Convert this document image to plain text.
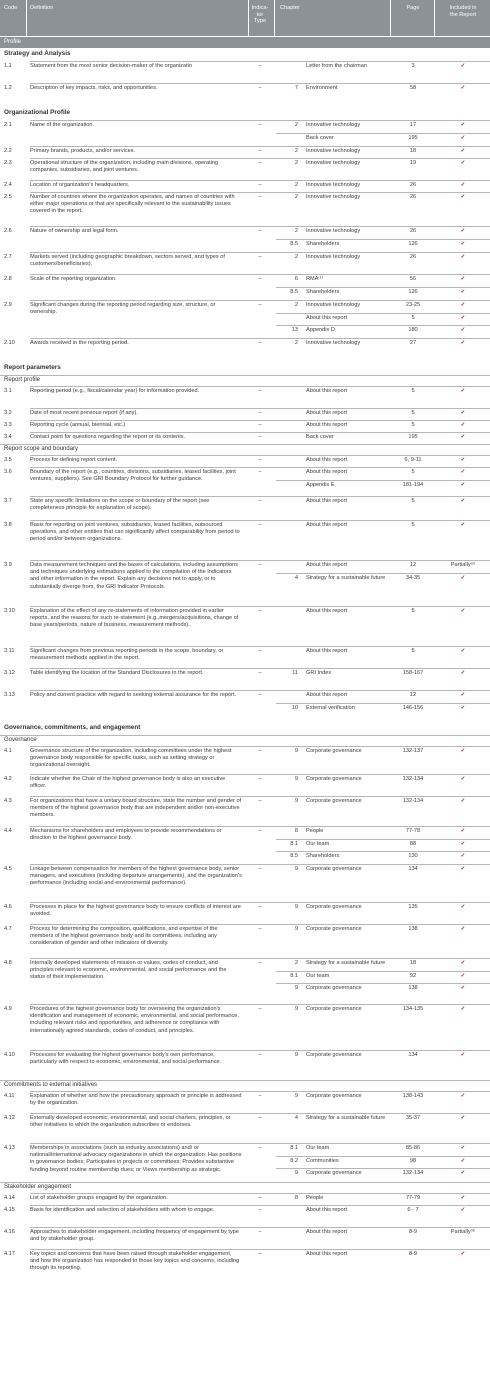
Code Definition	Indica-
tor
Type
Chapter	Page	Included in
the Report
Profile
Strategy and Analysis
1.1	Statement from the most senior decision-maker of the organizatio	–	Letter from the chairman	3	✓
1.2	Description of key impacts, risks, and opportunities.	–	7 Environment	58	✓
Organizational Profile
2.1	Name of the organization.	–	2 Innovative technology	17	✓
Back cover	195	✓
2.2	Primary brands, products, and/or services.	–	2 Innovative technology	18	✓
2.3	Operational structure of the organization, including main divisions, operating companies, subsidiaries, and joint ventures.
–	2 Innovative technology	19	✓
2.4	Location of organization's headquarters.	–	2 Innovative technology	26	✓
2.5	Number of countries where the organization operates, and names of countries with either major operations or that are specifically relevant to the sustainability issues covered in the report.
–	2 Innovative technology	26	✓
2.6	Nature of ownership and legal form.	–	2 Innovative technology	26	✓
8.5 Shareholders	126	✓
2.7	Markets served (including geographic breakdown, sectors served, and types of customers/beneficiaries).
–	2 Innovative technology	26	✓
2.8	Scale of the reporting organization.	–	6 RMA⁽¹⁾	56	✓
8.5 Shareholders	126	✓
2.9	Significant changes during the reporting period regarding size, structure, or ownership.
–	2 Innovative technology	23-25	✓
About this report	5	✓
13 Appendix D	180	✓
2.10	Awards received in the reporting period.	–	2 Innovative technology	27	✓
Report parameters
Report profile
3.1	Reporting period (e.g., fiscal/calendar year) for information provided.	–	About this report	5	✓
3.2	Date of most recent previous report (if any).	–	About this report	5	✓
3.3	Reporting cycle (annual, biennial, etc.)	–	About this report	5	✓
3.4	Contact point for questions regarding the report or its contents.	–	Back cover	195	✓
Report scope and boundary
3.5	Process for defining report content.	–	About this report	6, 9-11	✓
3.6	Boundary of the report (e.g., countries, divisions, subsidiaries, leased facilities, joint ventures, suppliers). See GRI Boundary Protocol for further guidance.
–	About this report	5	✓
Appendix E	181-194	✓
3.7	State any specific limitations on the scope or boundary of the report (see completeness principle for explanation of scope).
–	About this report	5	✓
3.8	Basis for reporting on joint ventures, subsidiaries, leased facilities, outsourced operations, and other entities that can significantly affect comparability from period to period and/or between organizations.
–	About this report	5	✓
3.9	Data measurement techniques and the bases of calculations, including assumptions and techniques underlying estimations applied to the compilation of the Indicators and other information in the report. Explain any decisions not to apply, or to substantially diverge from, the GRI Indicator Protocols.
–	About this report	12	Partially⁽²⁾
4 Strategy for a sustainable future	34-35	✓
3.10	Explanation of the effect of any re-statements of information provided in earlier reports, and the reasons for such re-statement (e.g.,mergers/acquisitions, change of base years/periods, nature of business, measurement methods).
–	About this report	5	✓
3.11	Significant changes from previous reporting periods in the scope, boundary, or measurement methods applied in the report.
–	About this report	5	✓
3.12	Table identifying the location of the Standard Disclosures in the report.	–	11 GRI Index	158-167	✓
3.13	Policy and current practice with regard to seeking external assurance for the report.	–	About this report	12	✓
10 External verification	146-156	✓
Governance, commitments, and engagement
Governance
4.1	Governance structure of the organization, including committees under the highest governance body responsible for specific tasks, such as setting strategy or organizational oversight.
–	9 Corporate governance	132-137	✓
4.2	Indicate whether the Chair of the highest governance body is also an executive officer.
–	9 Corporate governance	132-134	✓
4.3	For organizations that have a unitary board structure, state the number and gender of members of the highest governance body that are independent and/or non-executive members.
–	9 Corporate governance	132-134	✓
4.4	Mechanisms for shareholders and employees to provide recommendations or direction to the highest governance body.
–	8 People	77-78	✓
8.1 Our team	88	✓
8.5 Shareholders	130	✓
4.5	Linkage between compensation for members of the highest governance body, senior managers, and executives (including departure arrangements), and the organization's performance (including social and environmental performance).
–	9 Corporate governance	134	✓
4.6	Processes in place for the highest governance body to ensure conflicts of interest are avoided.
–	9 Corporate governance	135	✓
4.7	Process for determining the composition, qualifications, and expertise of the members of the highest governance body and its committees, including any consideration of gender and other indicators of diversity.
–	9 Corporate governance	138	✓
4.8	Internally developed statements of mission or values, codes of conduct, and principles relevant to economic, environmental, and social performance and the status of their implementation.
–	2 Strategy for a sustainable future	18	✓
8.1 Our team	92	✓
9 Corporate governance	138	✓
4.9	Procedures of the highest governance body for overseeing the organization's identification and management of economic, environmental, and social performance, including relevant risks and opportunities, and adherence or compliance with internationally agreed standards, codes of conduct, and principles.
–	9 Corporate governance	134-135	✓
4.10	Processes for evaluating the highest governance body's own performance, particularly with respect to economic, environmental, and social performance.
–	9 Corporate governance	134	✓
Commitments to external initiatives
4.11	Explanation of whether and how the precautionary approach or principle is addressed by the organization.
–	9 Corporate governance	138-143	✓
4.12	Externally developed economic, environmental, and social charters, principles, or other initiatives to which the organization subscribes or endorses.
–	4 Strategy for a sustainable future	35-37	✓
4.13	Memberships in associations (such as industry associations) and/ or national/international advocacy organizations in which the organization: Has positions in governance bodies; Participates in projects or committees; Provides substantive funding beyond routine membership dues; or Views membership as strategic.
–	8.1 Our team	85-86	✓
8.2 Communities	98	✓
9 Corporate governance	132-134	✓
Stakeholder engagement
4.14	List of stakeholder groups engaged by the organization.	–	8 People	77-79	✓
4.15	Basis for identification and selection of stakeholders with whom to engage.	–	About this report	6 - 7	✓
4.16	Approaches to stakeholder engagement, including frequency of engagement by type and by stakeholder group.
–	About this report	8-9	Partially⁽³⁾
4.17	Key topics and concerns that have been raised through stakeholder engagement, and how the organization has responded to those key topics and concerns, including through its reporting.
–	About this report	8-9	✓
